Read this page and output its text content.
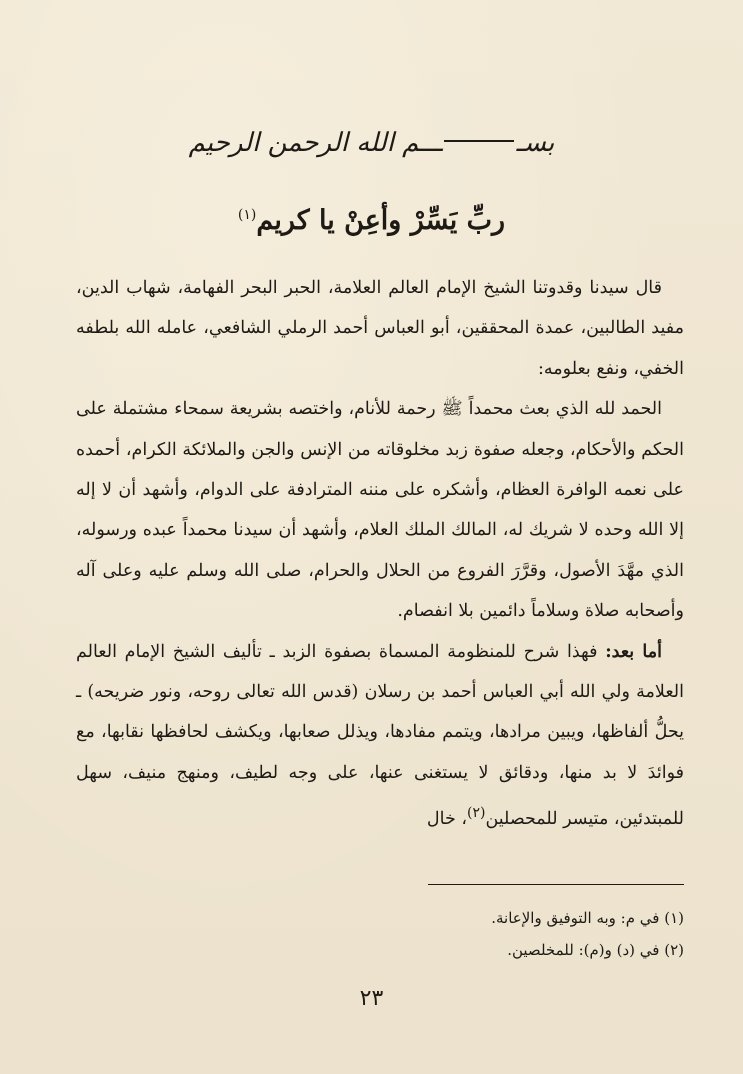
بســــم الله الرحمن الرحيم
ربِّ يَسِّرْ وأعِنْ يا كريم$^{(١)}$

قال سيدنا وقدوتنا الشيخ الإمام العالم العلامة، الحبر البحر الفهامة، شهاب الدين، مفيد الطالبين، عمدة المحققين، أبو العباس أحمد الرملي الشافعي، عامله الله بلطفه الخفي، ونفع بعلومه:

الحمد لله الذي بعث محمداً ﷺ رحمة للأنام، واختصه بشريعة سمحاء مشتملة على الحكم والأحكام، وجعله صفوة زبد مخلوقاته من الإنس والجن والملائكة الكرام، أحمده على نعمه الوافرة العظام، وأشكره على مننه المترادفة على الدوام، وأشهد أن لا إله إلا الله وحده لا شريك له، المالك الملك العلام، وأشهد أن سيدنا محمداً عبده ورسوله، الذي مهَّدَ الأصول، وقرَّرَ الفروع من الحلال والحرام، صلى الله وسلم عليه وعلى آله وأصحابه صلاة وسلاماً دائمين بلا انفصام.

أما بعد: فهذا شرح للمنظومة المسماة بصفوة الزبد ـ تأليف الشيخ الإمام العالم العلامة ولي الله أبي العباس أحمد بن رسلان (قدس الله تعالى روحه، ونور ضريحه) ـ يحلُّ ألفاظها، ويبين مرادها، ويتمم مفادها، ويذلل صعابها، ويكشف لحافظها نقابها، مع فوائدَ لا بد منها، ودقائق لا يستغنى عنها، على وجه لطيف، ومنهج منيف، سهل للمبتدئين، متيسر للمحصلين$^{(٢)}$، خال

(١) في م: وبه التوفيق والإعانة.
(٢) في (د) و(م): للمخلصين.
٢٣
